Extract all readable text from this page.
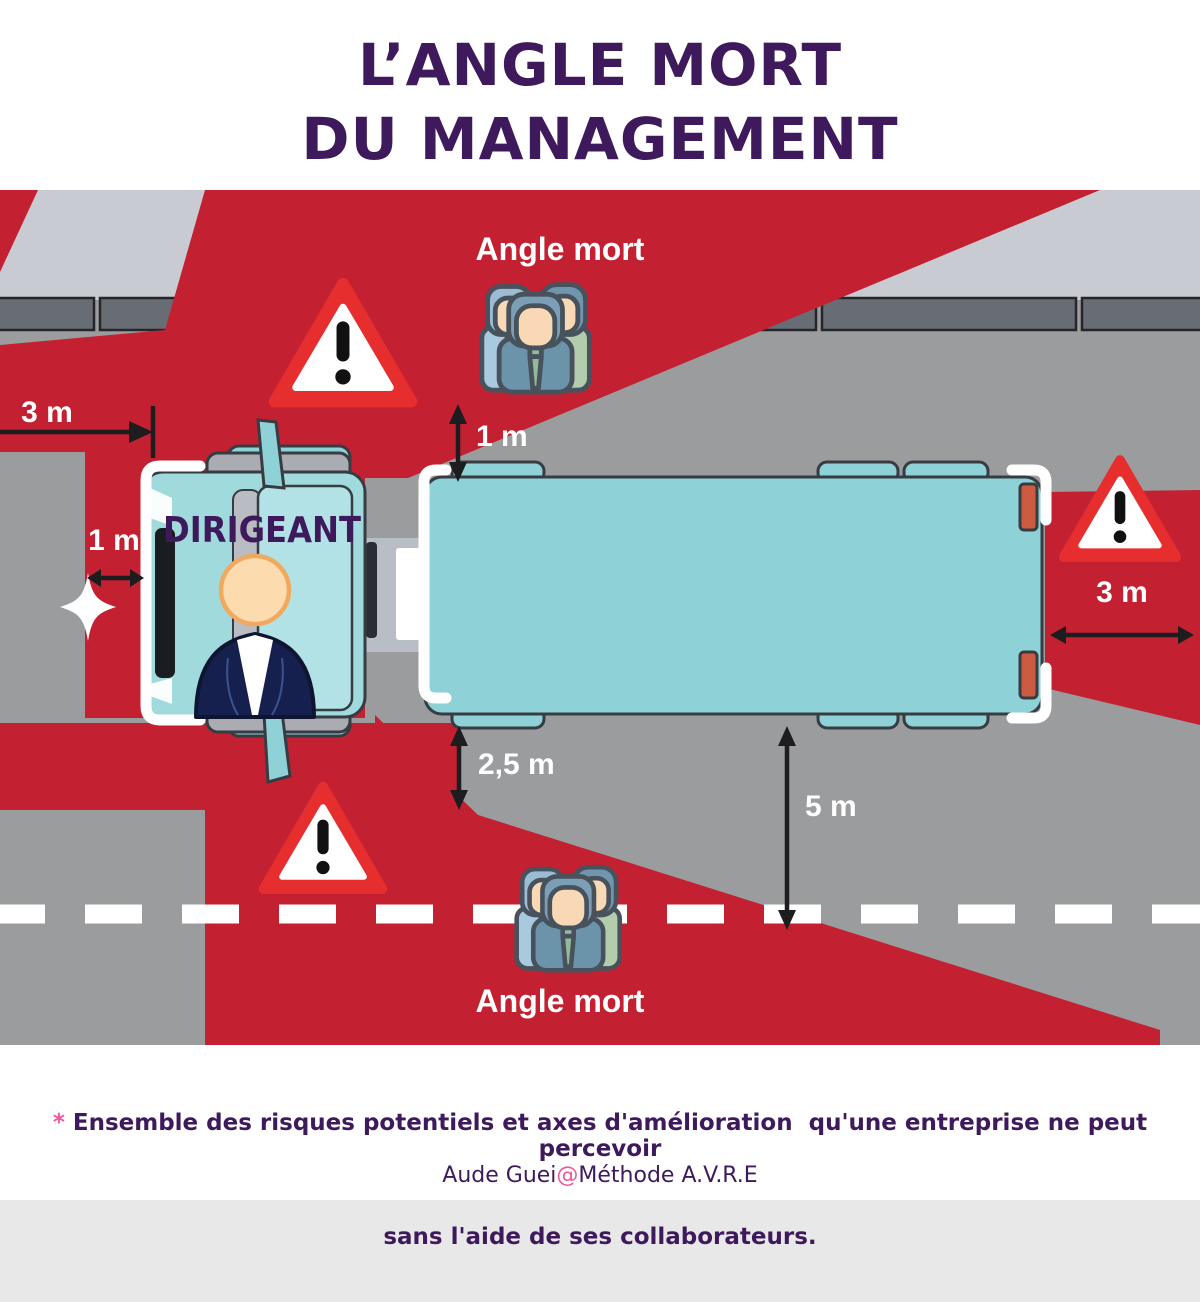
L’ANGLE MORT
DU MANAGEMENT
DIRIGEANT
Angle mort
Angle mort
3 m
1 m
1 m
2,5 m
5 m
3 m

* Ensemble des risques potentiels et axes d'amélioration  qu'une entreprise ne peut percevoir

sans l'aide de ses collaborateurs.

Aude Guei@Méthode A.V.R.E
